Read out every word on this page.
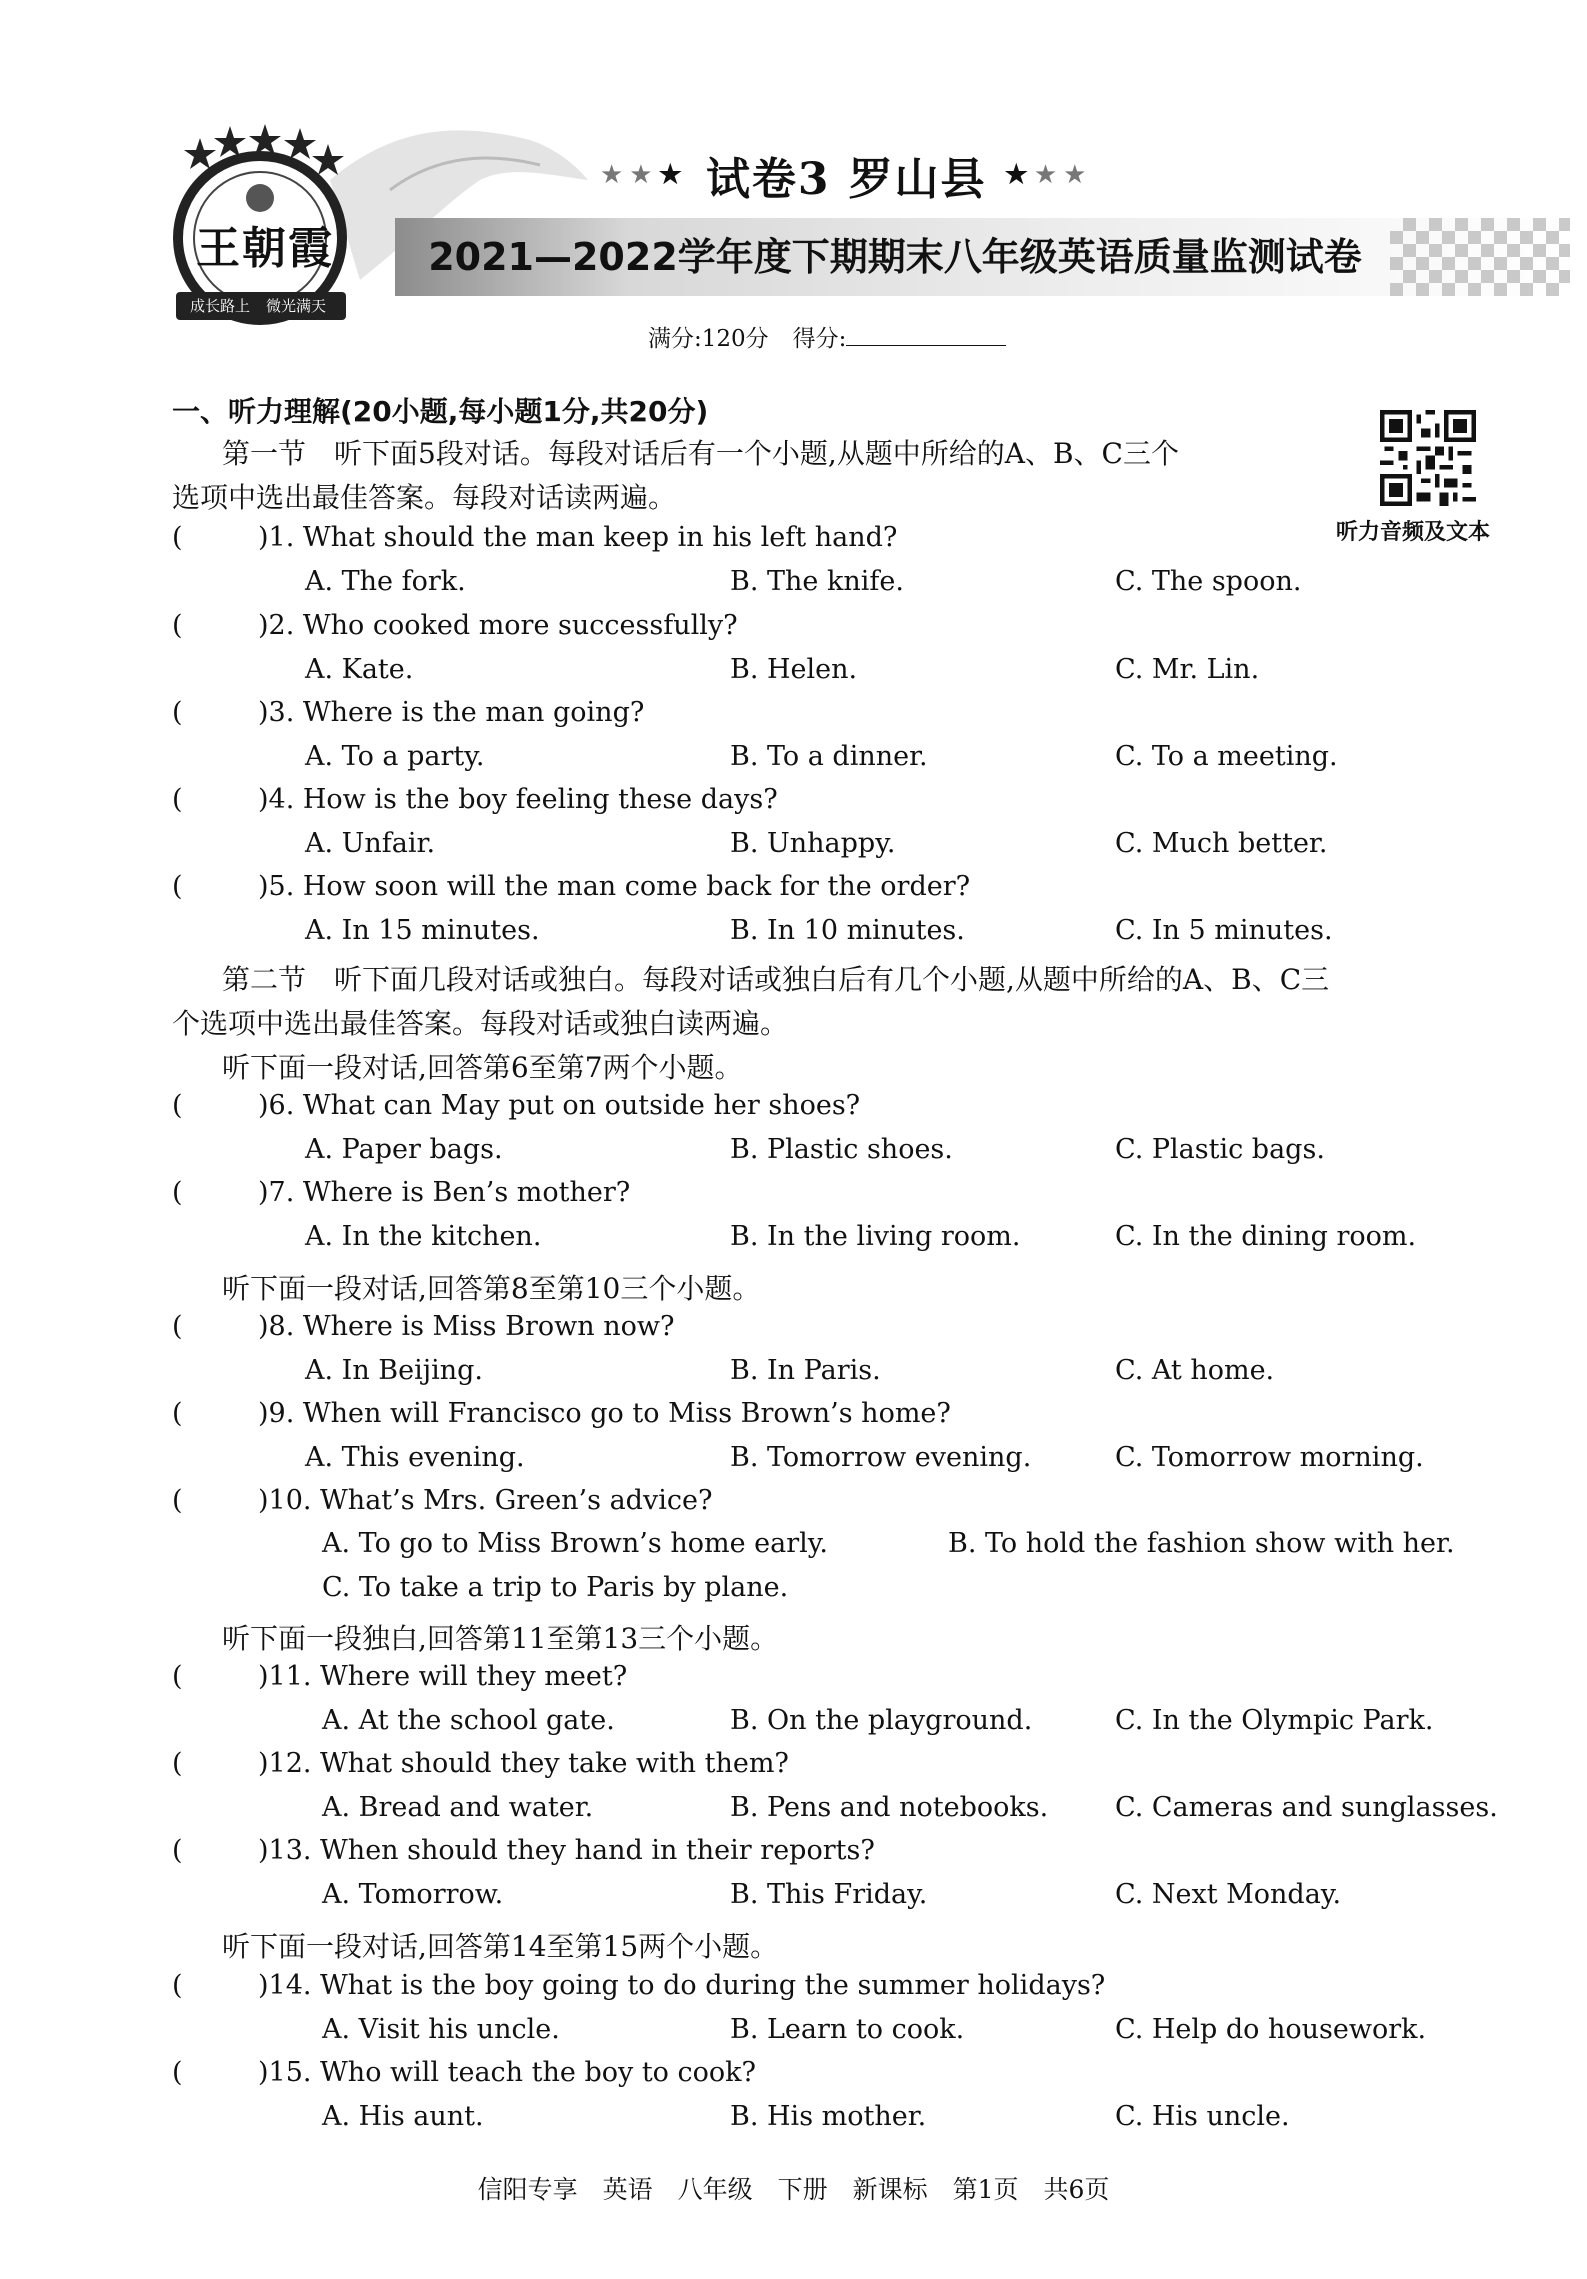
王朝霞
成长路上 微光满天
★★★ 试卷3 罗山县 ★★★
2021—2022学年度下期期末八年级英语质量监测试卷
满分:120分 得分:
听力音频及文本
一、听力理解(20小题,每小题1分,共20分)
第一节　听下面5段对话。每段对话后有一个小题,从题中所给的A、B、C三个
选项中选出最佳答案。每段对话读两遍。
(	)1. What should the man keep in his left hand?
A. The fork.	B. The knife.	C. The spoon.
(	)2. Who cooked more successfully?
A. Kate.	B. Helen.	C. Mr. Lin.
(	)3. Where is the man going?
A. To a party.	B. To a dinner.	C. To a meeting.
(	)4. How is the boy feeling these days?
A. Unfair.	B. Unhappy.	C. Much better.
(	)5. How soon will the man come back for the order?
A. In 15 minutes.	B. In 10 minutes.	C. In 5 minutes.
(	)6. What can May put on outside her shoes?
A. Paper bags.	B. Plastic shoes.	C. Plastic bags.
(	)7. Where is Ben’s mother?
A. In the kitchen.	B. In the living room.	C. In the dining room.
(	)8. Where is Miss Brown now?
A. In Beijing.	B. In Paris.	C. At home.
(	)9. When will Francisco go to Miss Brown’s home?
A. This evening.	B. Tomorrow evening.	C. Tomorrow morning.
(	)10. What’s Mrs. Green’s advice?
A. To go to Miss Brown’s home early.	B. To hold the fashion show with her.
C. To take a trip to Paris by plane.
(	)11. Where will they meet?
A. At the school gate.	B. On the playground.	C. In the Olympic Park.
(	)12. What should they take with them?
A. Bread and water.	B. Pens and notebooks. C. Cameras and sunglasses.
(	)13. When should they hand in their reports?
A. Tomorrow.	B. This Friday.	C. Next Monday.
(	)14. What is the boy going to do during the summer holidays?
A. Visit his uncle.	B. Learn to cook.	C. Help do housework.
(	)15. Who will teach the boy to cook?
A. His aunt.	B. His mother.	C. His uncle.
第二节　听下面几段对话或独白。每段对话或独白后有几个小题,从题中所给的A、B、C三
个选项中选出最佳答案。每段对话或独白读两遍。
听下面一段对话,回答第6至第7两个小题。
听下面一段对话,回答第8至第10三个小题。
听下面一段独白,回答第11至第13三个小题。
听下面一段对话,回答第14至第15两个小题。
信阳专享　英语　八年级　下册　新课标　第1页　共6页
